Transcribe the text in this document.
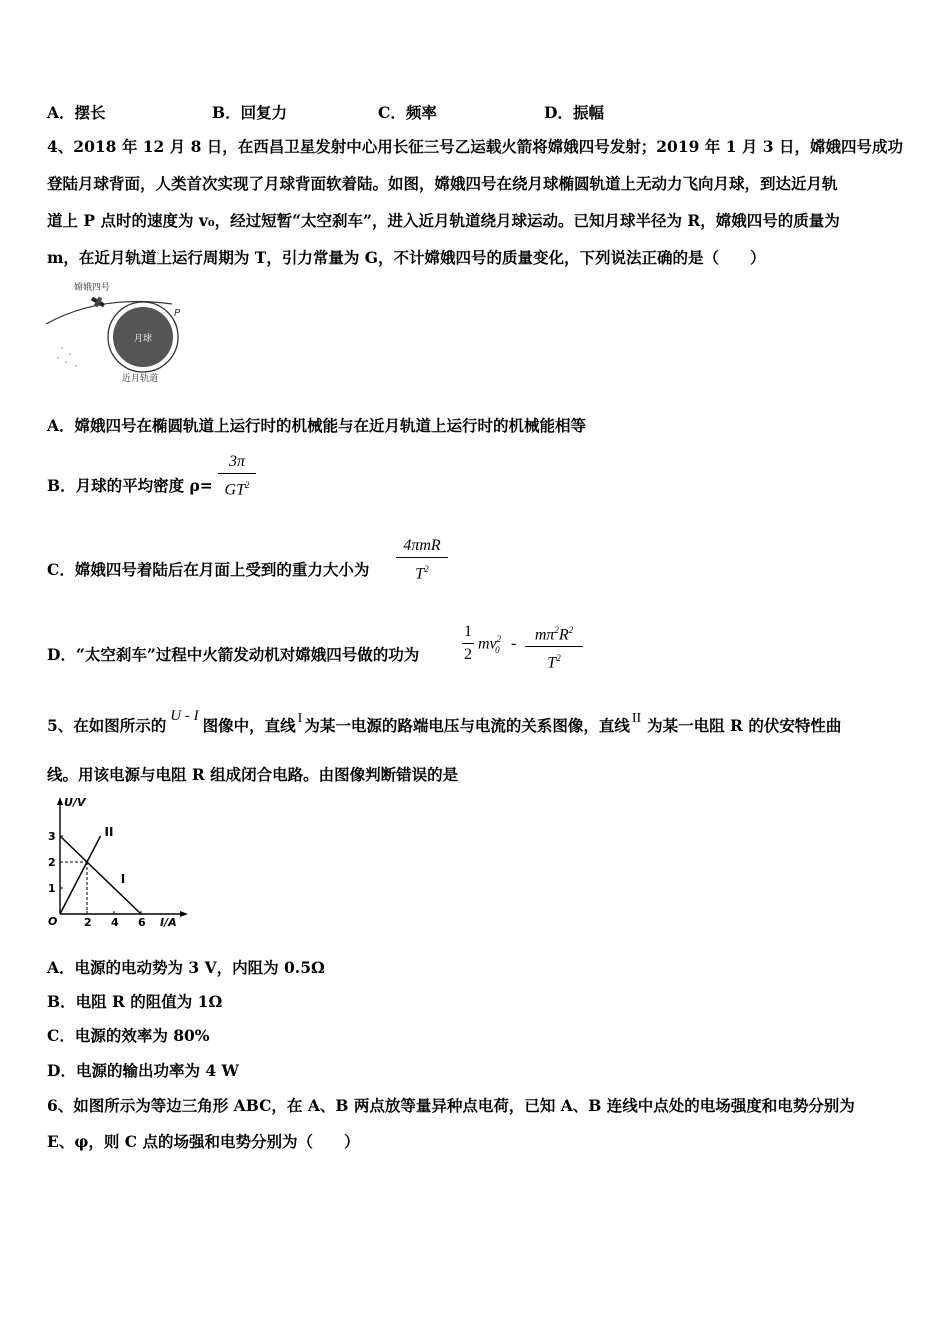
A．摆长	B．回复力	C．频率	D．振幅
4、2018 年 12 月 8 日，在西昌卫星发射中心用长征三号乙运载火箭将嫦娥四号发射；2019 年 1 月 3 日，嫦娥四号成功
登陆月球背面，人类首次实现了月球背面软着陆。如图，嫦娥四号在绕月球椭圆轨道上无动力飞向月球，到达近月轨
道上 P 点时的速度为 v₀，经过短暂“太空刹车”，进入近月轨道绕月球运动。已知月球半径为 R，嫦娥四号的质量为
m，在近月轨道上运行周期为 T，引力常量为 G，不计嫦娥四号的质量变化，下列说法正确的是（　　）
月球
嫦娥四号
P
近月轨道
A．嫦娥四号在椭圆轨道上运行时的机械能与在近月轨道上运行时的机械能相等
B．月球的平均密度 ρ=
3π
$GT^2$
C．嫦娥四号着陆后在月面上受到的重力大小为
4πmR
$T^2$
D．“太空刹车”过程中火箭发动机对嫦娥四号做的功为
1
2
$mv^2_0$ -
$m\pi^2R^2$
$T^2$
5、在如图所示的 U - I 图像中，直线 I 为某一电源的路端电压与电流的关系图像，直线 II 为某一电阻 R 的伏安特性曲
线。用该电源与电阻 R 组成闭合电路。由图像判断错误的是
U/V
I/A
O
I
II
1
2
3
2 4 6
A．电源的电动势为 3 V，内阻为 0.5Ω
B．电阻 R 的阻值为 1Ω
C．电源的效率为 80%
D．电源的输出功率为 4 W
6、如图所示为等边三角形 ABC，在 A、B 两点放等量异种点电荷，已知 A、B 连线中点处的电场强度和电势分别为
E、φ，则 C 点的场强和电势分别为（　　）
